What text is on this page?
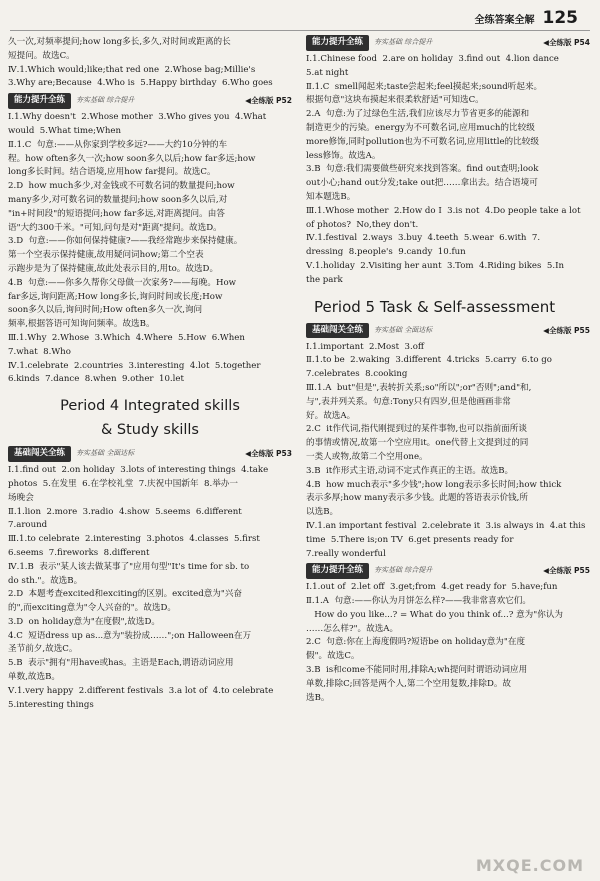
全练答案全解 125
久一次,对频率提问;how long多长,多久,对时间或距离的长
短提问。故选C。
Ⅳ.1.Which would;like;that red one  2.Whose bag;Millie's
3.Why are;Because  4.Who is  5.Happy birthday  6.Who goes
能力提升全练	夯实基础 综合提升	◀全练版 P52
Ⅰ.1.Why doesn't  2.Whose mother  3.Who gives you  4.What
would  5.What time;When
Ⅱ.1.C  句意:——从你家到学校多远?——大约10分钟的车
程。how often多久一次;how soon多久以后;how far多远;how
long多长时间。结合语境,应用how far提问。故选C。
2.D  how much多少,对金钱或不可数名词的数量提问;how
many多少,对可数名词的数量提问;how soon多久以后,对
"in+时间段"的短语提问;how far多远,对距离提问。由答
语"大约300千米。"可知,问句是对"距离"提问。故选D。
3.D  句意:——你如何保持健康?——我经常跑步来保持健康。
第一个空表示保持健康,故用疑问词how;第二个空表
示跑步是为了保持健康,故此处表示目的,用to。故选D。
4.B  句意:——你多久帮你父母做一次家务?——每晚。How
far多远,询问距离;How long多长,询问时间或长度;How
soon多久以后,询问时间;How often多久一次,询问
频率,根据答语可知询问频率。故选B。
Ⅲ.1.Why  2.Whose  3.Which  4.Where  5.How  6.When
7.what  8.Who
Ⅳ.1.celebrate  2.countries  3.interesting  4.lot  5.together
6.kinds  7.dance  8.when  9.other  10.let
Period 4 Integrated skills
& Study skills
基础闯关全练	夯实基础 全面达标	◀全练版 P53
Ⅰ.1.find out  2.on holiday  3.lots of interesting things  4.take
photos  5.在发里  6.在学校礼堂  7.庆祝中国新年  8.举办一
场晚会
Ⅱ.1.lion  2.more  3.radio  4.show  5.seems  6.different
7.around
Ⅲ.1.to celebrate  2.interesting  3.photos  4.classes  5.first
6.seems  7.fireworks  8.different
Ⅳ.1.B  表示"某人该去做某事了"应用句型"It's time for sb. to
do sth."。故选B。
2.D  本题考查excited和exciting的区别。excited意为"兴奋
的",而exciting意为"令人兴奋的"。故选D。
3.D  on holiday意为"在度假",故选D。
4.C  短语dress up as...意为"装扮成……";on Halloween在万
圣节前夕,故选C。
5.B  表示"拥有"用have或has。主语是Each,谓语动词应用
单数,故选B。
Ⅴ.1.very happy  2.different festivals  3.a lot of  4.to celebrate
5.interesting things
能力提升全练	夯实基础 综合提升	◀全练版 P54
Ⅰ.1.Chinese food  2.are on holiday  3.find out  4.lion dance
5.at night
Ⅱ.1.C  smell闻起来;taste尝起来;feel摸起来;sound听起来。
根据句意"这块布摸起来很柔软舒适"可知选C。
2.A  句意:为了过绿色生活,我们应该尽力节省更多的能源和
制造更少的污染。energy为不可数名词,应用much的比较级
more修饰,同时pollution也为不可数名词,应用little的比较级
less修饰。故选A。
3.B  句意:我们需要做些研究来找到答案。find out查明;look
out小心;hand out分发;take out把……拿出去。结合语境可
知本题选B。
Ⅲ.1.Whose mother  2.How do I  3.is not  4.Do people take a lot
of photos?  No,they don't.
Ⅳ.1.festival  2.ways  3.buy  4.teeth  5.wear  6.with  7.
dressing  8.people's  9.candy  10.fun
Ⅴ.1.holiday  2.Visiting her aunt  3.Tom  4.Riding bikes  5.In
the park
Period 5 Task & Self-assessment
基础闯关全练	夯实基础 全面达标	◀全练版 P55
Ⅰ.1.important  2.Most  3.off
Ⅱ.1.to be  2.waking  3.different  4.tricks  5.carry  6.to go
7.celebrates  8.cooking
Ⅲ.1.A  but"但是",表转折关系;so"所以";or"否则";and"和,
与",表并列关系。句意:Tony只有四岁,但是他画画非常
好。故选A。
2.C  it作代词,指代刚提到过的某件事物,也可以指前面所谈
的事情或情况,故第一个空应用it。one代替上文提到过的同
一类人或物,故第二个空用one。
3.B  it作形式主语,动词不定式作真正的主语。故选B。
4.B  how much表示"多少钱";how long表示多长时间;how thick
表示多厚;how many表示多少钱。此题的答语表示价钱,所
以选B。
Ⅳ.1.an important festival  2.celebrate it  3.is always in  4.at this
time  5.There is;on TV  6.get presents ready for
7.really wonderful
能力提升全练	夯实基础 综合提升	◀全练版 P55
Ⅰ.1.out of  2.let off  3.get;from  4.get ready for  5.have;fun
Ⅱ.1.A  句意:——你认为月饼怎么样?——我非常喜欢它们。
How do you like...? = What do you think of...? 意为"你认为
……怎么样?"。故选A。
2.C  句意:你在上海度假吗?短语be on holiday意为"在度
假"。故选C。
3.B  is和come不能同时用,排除A;wh提问时谓语动词应用
单数,排除C;回答是两个人,第二个空用复数,排除D。故
选B。
MXQE.COM
